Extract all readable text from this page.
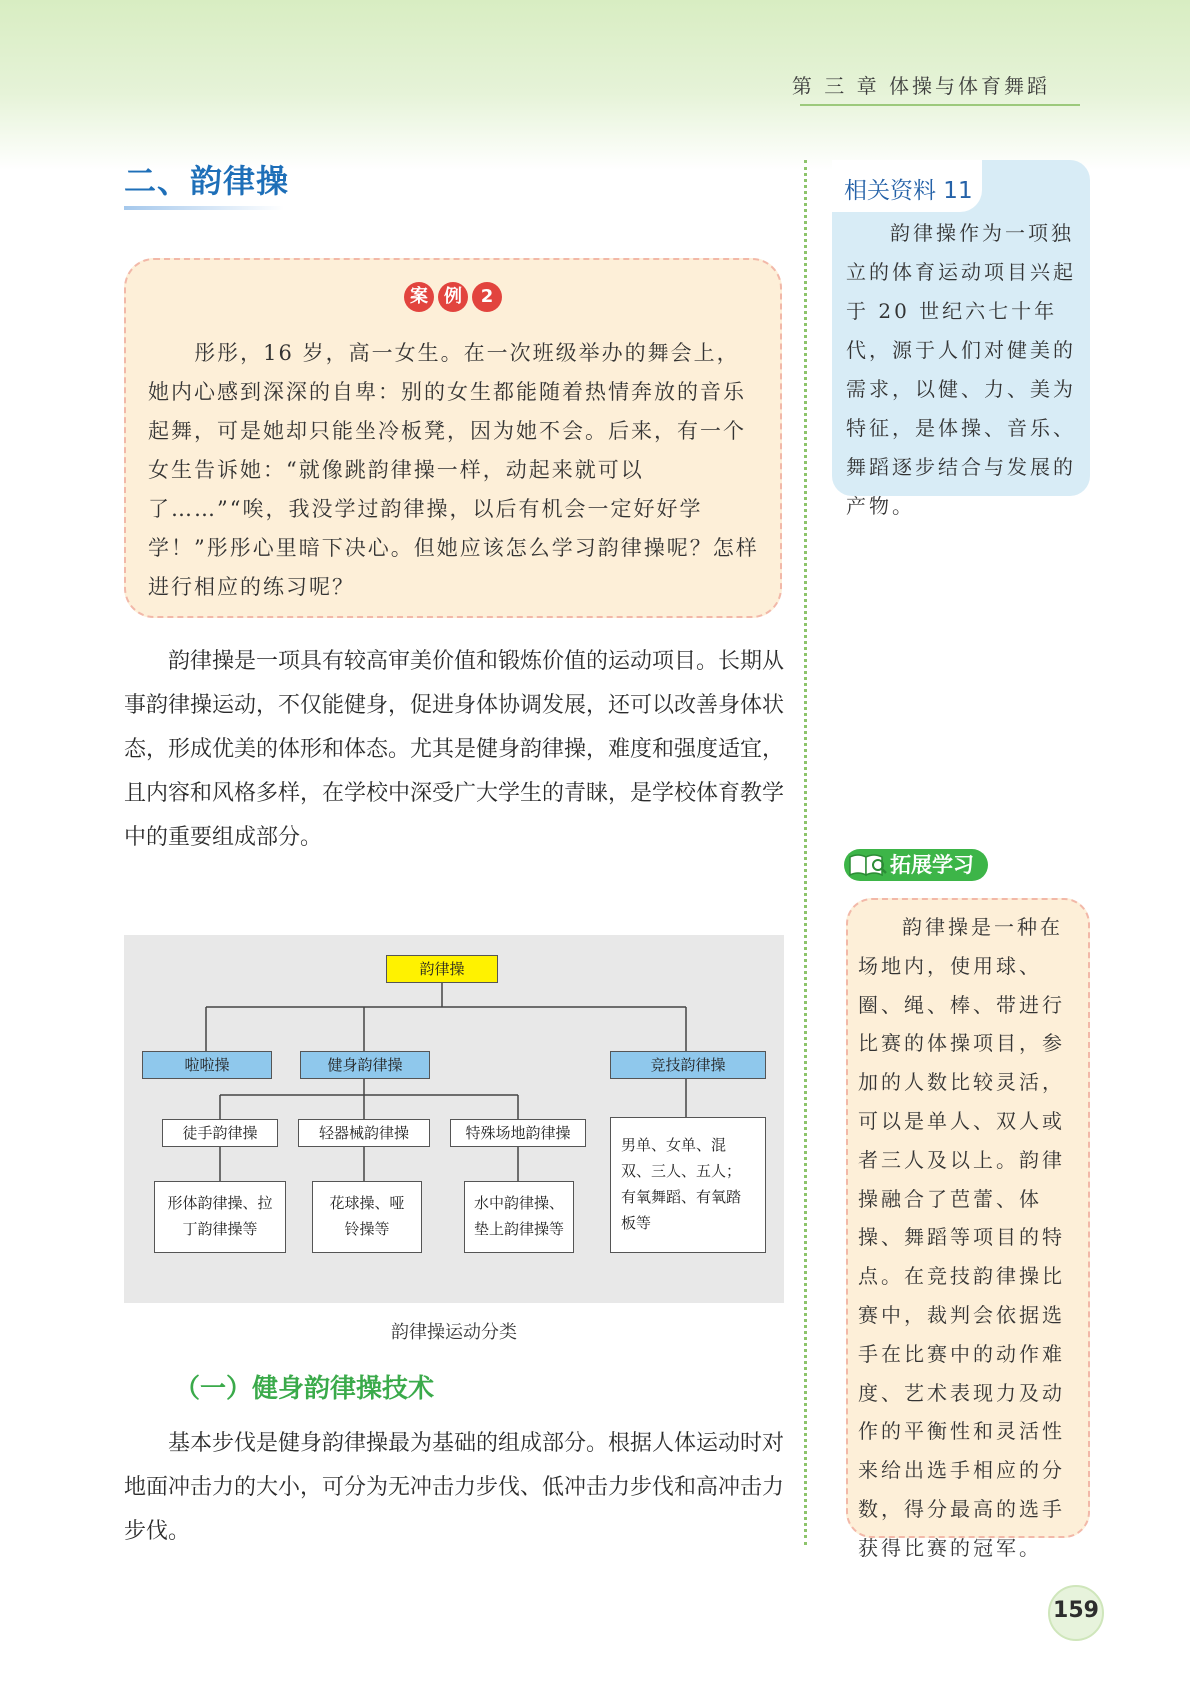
第 三 章 体操与体育舞蹈
二、韵律操
案 例 2

彤彤，16 岁，高一女生。在一次班级举办的舞会上，她内心感到深深的自卑：别的女生都能随着热情奔放的音乐起舞，可是她却只能坐冷板凳，因为她不会。后来，有一个女生告诉她：“就像跳韵律操一样，动起来就可以了……”“唉，我没学过韵律操，以后有机会一定好好学学！”彤彤心里暗下决心。但她应该怎么学习韵律操呢？怎样进行相应的练习呢？

韵律操是一项具有较高审美价值和锻炼价值的运动项目。长期从事韵律操运动，不仅能健身，促进身体协调发展，还可以改善身体状态，形成优美的体形和体态。尤其是健身韵律操，难度和强度适宜，且内容和风格多样，在学校中深受广大学生的青睐，是学校体育教学中的重要组成部分。

韵律操
啦啦操	健身韵律操	竞技韵律操
徒手韵律操	轻器械韵律操	特殊场地韵律操
形体韵律操、拉丁韵律操等
花球操、哑铃操等
水中韵律操、垫上韵律操等
男单、女单、混双、三人、五人；有氧舞蹈、有氧踏板等
韵律操运动分类
（一）健身韵律操技术

基本步伐是健身韵律操最为基础的组成部分。根据人体运动时对地面冲击力的大小，可分为无冲击力步伐、低冲击力步伐和高冲击力步伐。

相关资料 11

韵律操作为一项独立的体育运动项目兴起于 20 世纪六七十年代，源于人们对健美的需求，以健、力、美为特征，是体操、音乐、舞蹈逐步结合与发展的产物。

拓展学习

韵律操是一种在场地内，使用球、圈、绳、棒、带进行比赛的体操项目，参加的人数比较灵活，可以是单人、双人或者三人及以上。韵律操融合了芭蕾、体操、舞蹈等项目的特点。在竞技韵律操比赛中，裁判会依据选手在比赛中的动作难度、艺术表现力及动作的平衡性和灵活性来给出选手相应的分数，得分最高的选手获得比赛的冠军。

159
